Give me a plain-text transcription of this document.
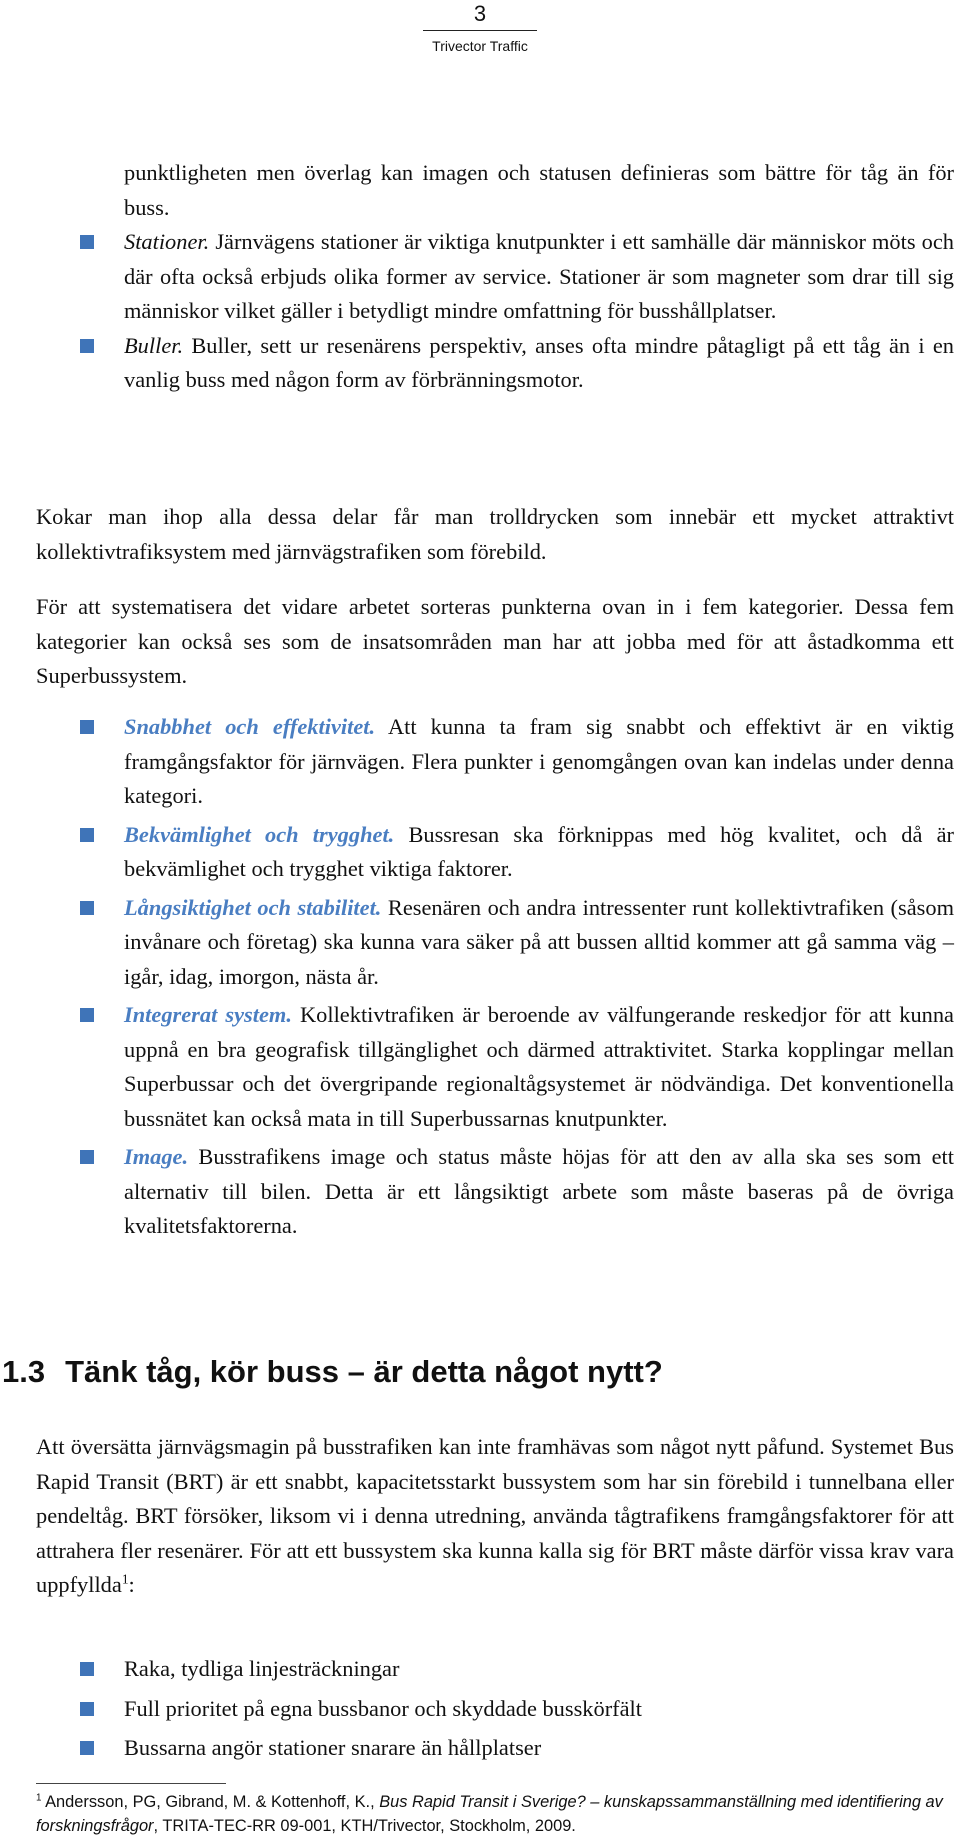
3
Trivector Traffic
punktligheten men överlag kan imagen och statusen definieras som bättre för tåg än för buss.
Stationer. Järnvägens stationer är viktiga knutpunkter i ett samhälle där människor möts och där ofta också erbjuds olika former av service. Stationer är som magneter som drar till sig människor vilket gäller i betydligt mindre omfattning för busshållplatser.
Buller. Buller, sett ur resenärens perspektiv, anses ofta mindre påtagligt på ett tåg än i en vanlig buss med någon form av förbränningsmotor.

Kokar man ihop alla dessa delar får man trolldrycken som innebär ett mycket attraktivt kollektivtrafiksystem med järnvägstrafiken som förebild.

För att systematisera det vidare arbetet sorteras punkterna ovan in i fem kategorier. Dessa fem kategorier kan också ses som de insatsområden man har att jobba med för att åstadkomma ett Superbussystem.

Snabbhet och effektivitet. Att kunna ta fram sig snabbt och effektivt är en viktig framgångsfaktor för järnvägen. Flera punkter i genomgången ovan kan indelas under denna kategori.
Bekvämlighet och trygghet. Bussresan ska förknippas med hög kvalitet, och då är bekvämlighet och trygghet viktiga faktorer.
Långsiktighet och stabilitet. Resenären och andra intressenter runt kollektivtrafiken (såsom invånare och företag) ska kunna vara säker på att bussen alltid kommer att gå samma väg – igår, idag, imorgon, nästa år.
Integrerat system. Kollektivtrafiken är beroende av välfungerande reskedjor för att kunna uppnå en bra geografisk tillgänglighet och därmed attraktivitet. Starka kopplingar mellan Superbussar och det övergripande regionaltågsystemet är nödvändiga. Det konventionella bussnätet kan också mata in till Superbussarnas knutpunkter.
Image. Busstrafikens image och status måste höjas för att den av alla ska ses som ett alternativ till bilen. Detta är ett långsiktigt arbete som måste baseras på de övriga kvalitetsfaktorerna.
1.3 Tänk tåg, kör buss – är detta något nytt?

Att översätta järnvägsmagin på busstrafiken kan inte framhävas som något nytt påfund. Systemet Bus Rapid Transit (BRT) är ett snabbt, kapacitetsstarkt bussystem som har sin förebild i tunnelbana eller pendeltåg. BRT försöker, liksom vi i denna utredning, använda tågtrafikens framgångsfaktorer för att attrahera fler resenärer. För att ett bussystem ska kunna kalla sig för BRT måste därför vissa krav vara uppfyllda$^1$:

Raka, tydliga linjesträckningar
Full prioritet på egna bussbanor och skyddade busskörfält
Bussarna angör stationer snarare än hållplatser

$^1$ Andersson, PG, Gibrand, M. & Kottenhoff, K., Bus Rapid Transit i Sverige? – kunskapssammanställning med identifiering av forskningsfrågor, TRITA-TEC-RR 09-001, KTH/Trivector, Stockholm, 2009.
